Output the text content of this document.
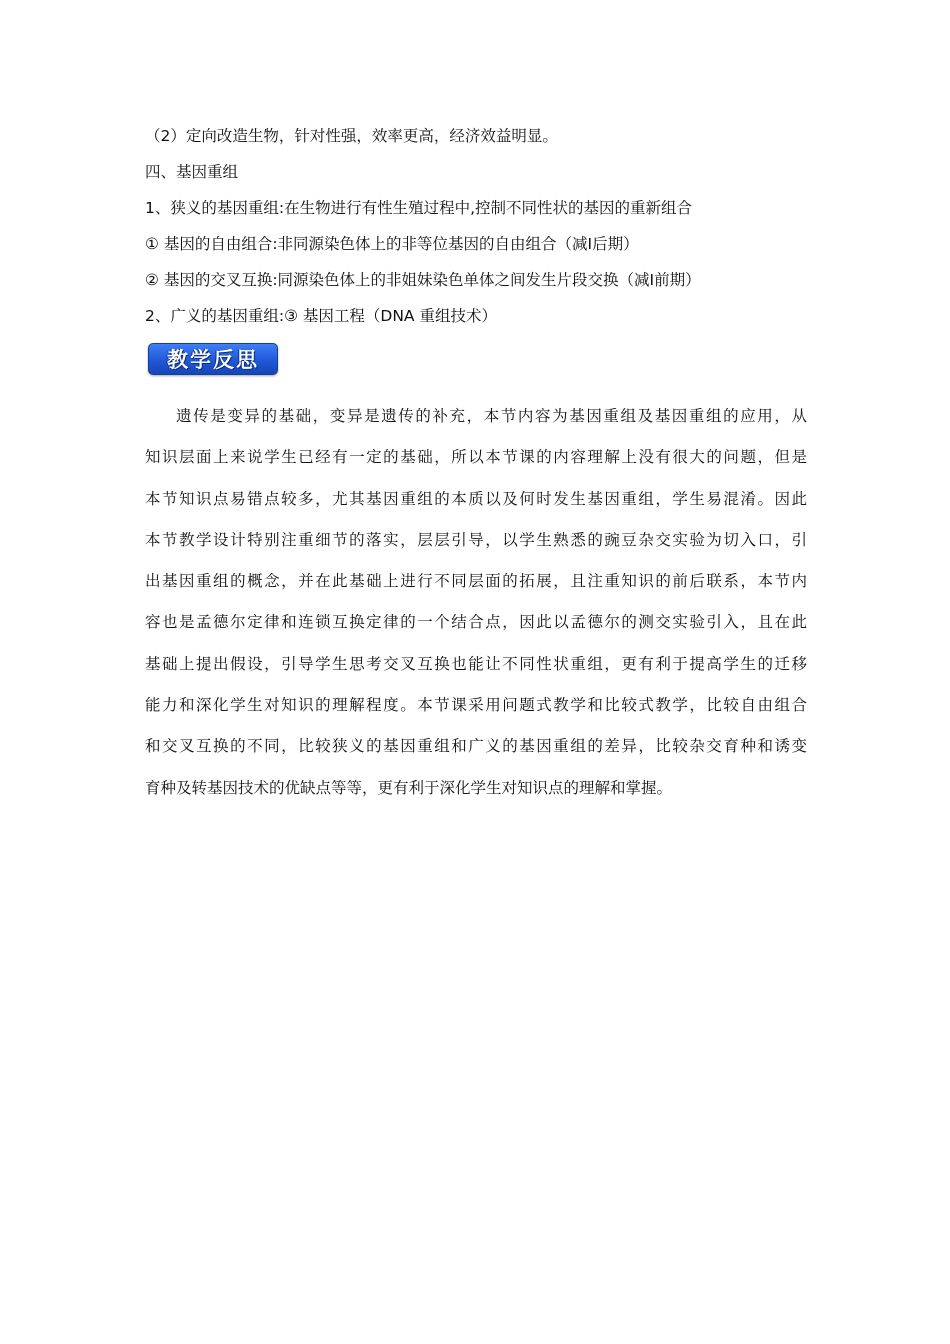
（2）定向改造生物，针对性强，效率更高，经济效益明显。
四、基因重组
1、狭义的基因重组:在生物进行有性生殖过程中,控制不同性状的基因的重新组合
① 基因的自由组合:非同源染色体上的非等位基因的自由组合（减Ⅰ后期）
② 基因的交叉互换:同源染色体上的非姐妹染色单体之间发生片段交换（减Ⅰ前期）
2、广义的基因重组:③ 基因工程（DNA 重组技术）
教学反思
遗传是变异的基础，变异是遗传的补充，本节内容为基因重组及基因重组的应用，从
知识层面上来说学生已经有一定的基础，所以本节课的内容理解上没有很大的问题，但是
本节知识点易错点较多，尤其基因重组的本质以及何时发生基因重组，学生易混淆。因此
本节教学设计特别注重细节的落实，层层引导，以学生熟悉的豌豆杂交实验为切入口，引
出基因重组的概念，并在此基础上进行不同层面的拓展，且注重知识的前后联系，本节内
容也是孟德尔定律和连锁互换定律的一个结合点，因此以孟德尔的测交实验引入，且在此
基础上提出假设，引导学生思考交叉互换也能让不同性状重组，更有利于提高学生的迁移
能力和深化学生对知识的理解程度。本节课采用问题式教学和比较式教学，比较自由组合
和交叉互换的不同，比较狭义的基因重组和广义的基因重组的差异，比较杂交育种和诱变
育种及转基因技术的优缺点等等，更有利于深化学生对知识点的理解和掌握。
